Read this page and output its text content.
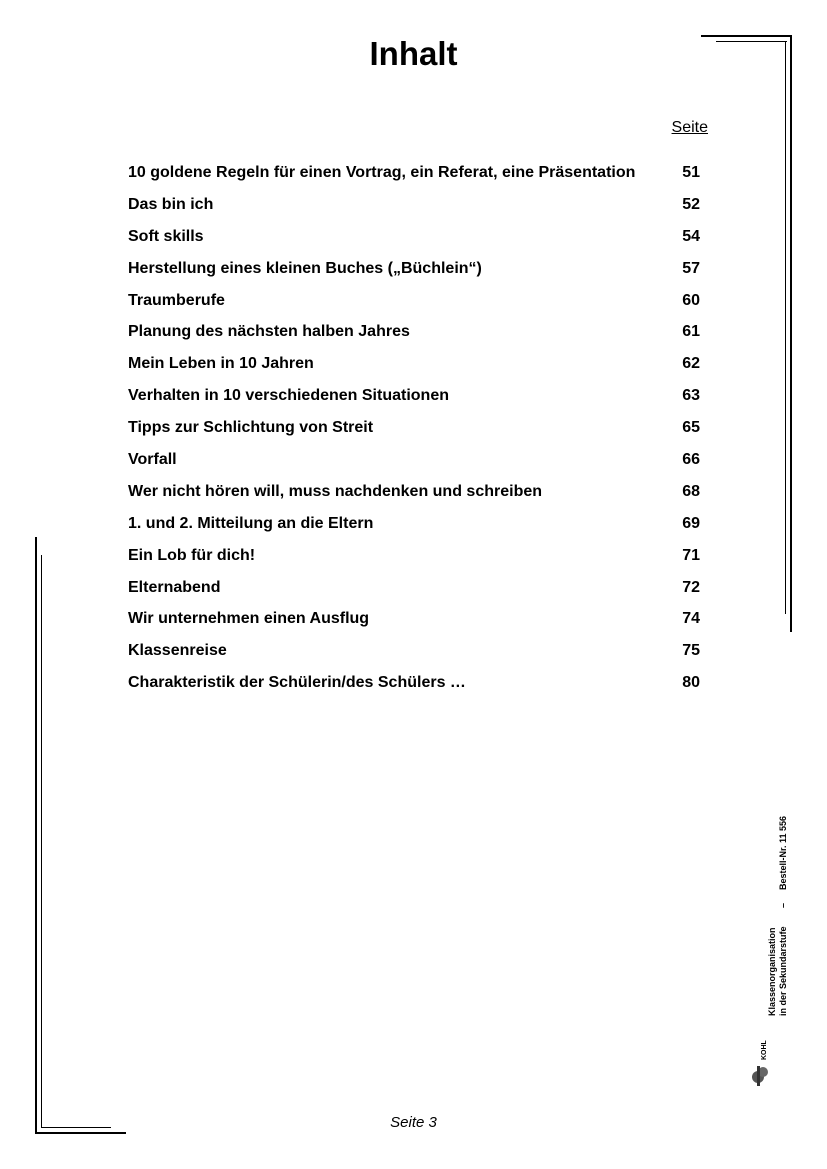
Inhalt
Seite
10 goldene Regeln für einen Vortrag, ein Referat, eine Präsentation	51
Das bin ich	52
Soft skills	54
Herstellung eines kleinen Buches („Büchlein“)	57
Traumberufe	60
Planung des nächsten halben Jahres	61
Mein Leben in 10 Jahren	62
Verhalten in 10 verschiedenen Situationen	63
Tipps zur Schlichtung von Streit	65
Vorfall	66
Wer nicht hören will, muss nachdenken und schreiben	68
1. und 2. Mitteilung an die Eltern	69
Ein Lob für dich!	71
Elternabend	72
Wir unternehmen einen Ausflug	74
Klassenreise	75
Charakteristik der Schülerin/des Schülers …	80
Bestell-Nr. 11 556
–
in der Sekundarstufe
Klassenorganisation
KOHL
Seite 3
